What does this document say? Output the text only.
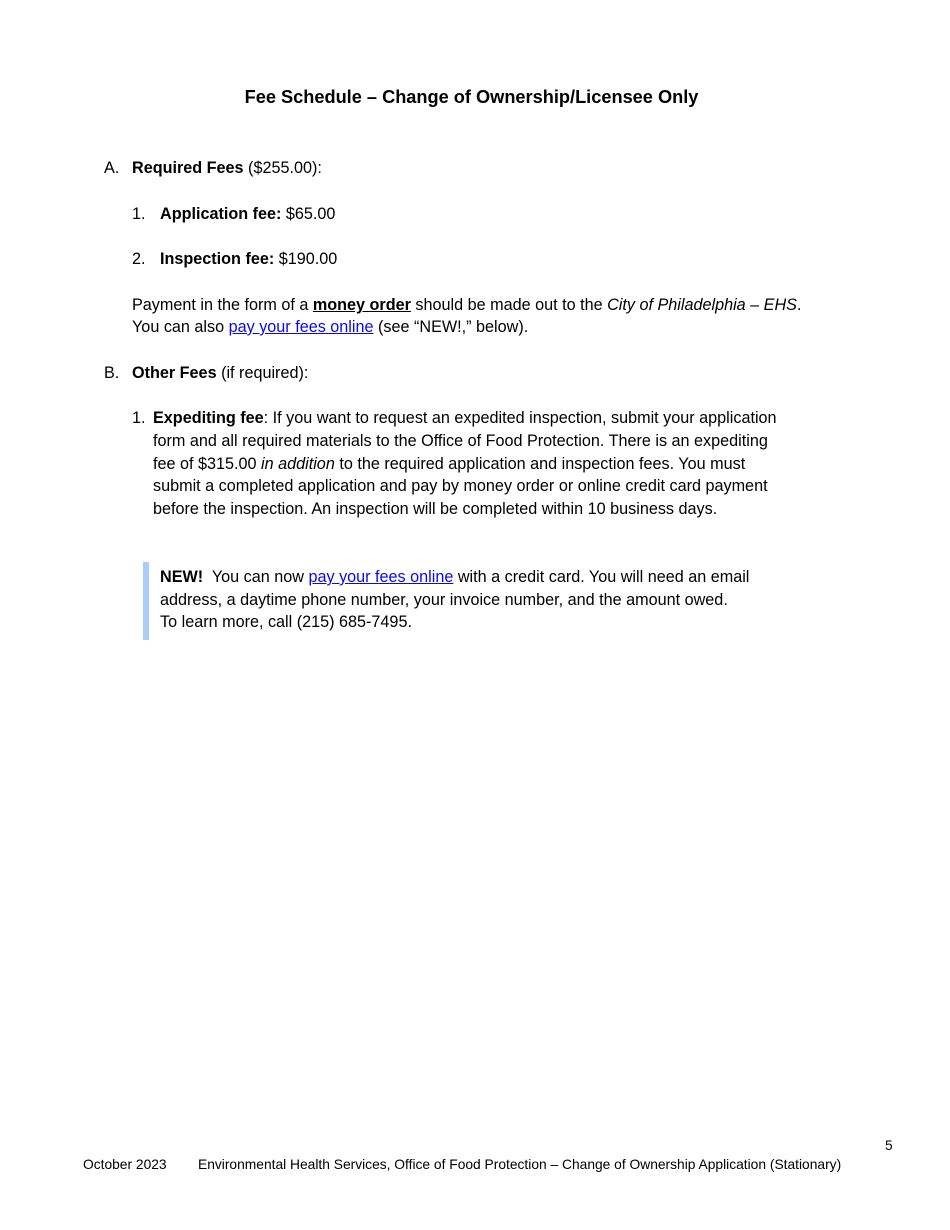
Fee Schedule – Change of Ownership/Licensee Only
A. Required Fees ($255.00):
1. Application fee: $65.00
2. Inspection fee: $190.00
Payment in the form of a money order should be made out to the City of Philadelphia – EHS.
You can also pay your fees online (see “NEW!,” below).
B. Other Fees (if required):
1. Expediting fee: If you want to request an expedited inspection, submit your application
form and all required materials to the Office of Food Protection. There is an expediting
fee of $315.00 in addition to the required application and inspection fees. You must
submit a completed application and pay by money order or online credit card payment
before the inspection. An inspection will be completed within 10 business days.
NEW!  You can now pay your fees online with a credit card. You will need an email
address, a daytime phone number, your invoice number, and the amount owed.
To learn more, call (215) 685-7495.
5
October 2023 Environmental Health Services, Office of Food Protection – Change of Ownership Application (Stationary)
